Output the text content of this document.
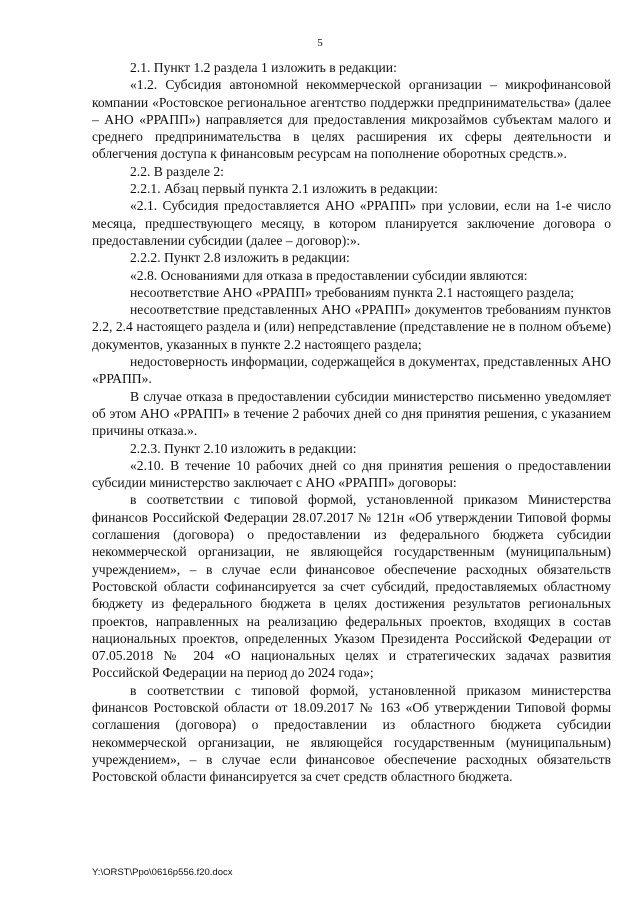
5

2.1. Пункт 1.2 раздела 1 изложить в редакции:

«1.2. Субсидия автономной некоммерческой организации – микрофинансовой компании «Ростовское региональное агентство поддержки предпринимательства» (далее – АНО «РРАПП») направляется для предоставления микрозаймов субъектам малого и среднего предпринимательства в целях расширения их сферы деятельности и облегчения доступа к финансовым ресурсам на пополнение оборотных средств.».

2.2. В разделе 2:

2.2.1. Абзац первый пункта 2.1 изложить в редакции:

«2.1. Субсидия предоставляется АНО «РРАПП» при условии, если на 1-е число месяца, предшествующего месяцу, в котором планируется заключение договора о предоставлении субсидии (далее – договор):».

2.2.2. Пункт 2.8 изложить в редакции:

«2.8. Основаниями для отказа в предоставлении субсидии являются:

несоответствие АНО «РРАПП» требованиям пункта 2.1 настоящего раздела;

несоответствие представленных АНО «РРАПП» документов требованиям пунктов 2.2, 2.4 настоящего раздела и (или) непредставление (представление не в полном объеме) документов, указанных в пункте 2.2 настоящего раздела;

недостоверность информации, содержащейся в документах, представленных АНО «РРАПП».

В случае отказа в предоставлении субсидии министерство письменно уведомляет об этом АНО «РРАПП» в течение 2 рабочих дней со дня принятия решения, с указанием причины отказа.».

2.2.3. Пункт 2.10 изложить в редакции:

«2.10. В течение 10 рабочих дней со дня принятия решения о предоставлении субсидии министерство заключает с АНО «РРАПП» договоры:

в соответствии с типовой формой, установленной приказом Министерства финансов Российской Федерации 28.07.2017 № 121н «Об утверждении Типовой формы соглашения (договора) о предоставлении из федерального бюджета субсидии некоммерческой организации, не являющейся государственным (муниципальным) учреждением», – в случае если финансовое обеспечение расходных обязательств Ростовской области софинансируется за счет субсидий, предоставляемых областному бюджету из федерального бюджета в целях достижения результатов региональных проектов, направленных на реализацию федеральных проектов, входящих в состав национальных проектов, определенных Указом Президента Российской Федерации от 07.05.2018 № 204 «О национальных целях и стратегических задачах развития Российской Федерации на период до 2024 года»;

в соответствии с типовой формой, установленной приказом министерства финансов Ростовской области от 18.09.2017 № 163 «Об утверждении Типовой формы соглашения (договора) о предоставлении из областного бюджета субсидии некоммерческой организации, не являющейся государственным (муниципальным) учреждением», – в случае если финансовое обеспечение расходных обязательств Ростовской области финансируется за счет средств областного бюджета.

Y:\ORST\Ppo\0616p556.f20.docx
